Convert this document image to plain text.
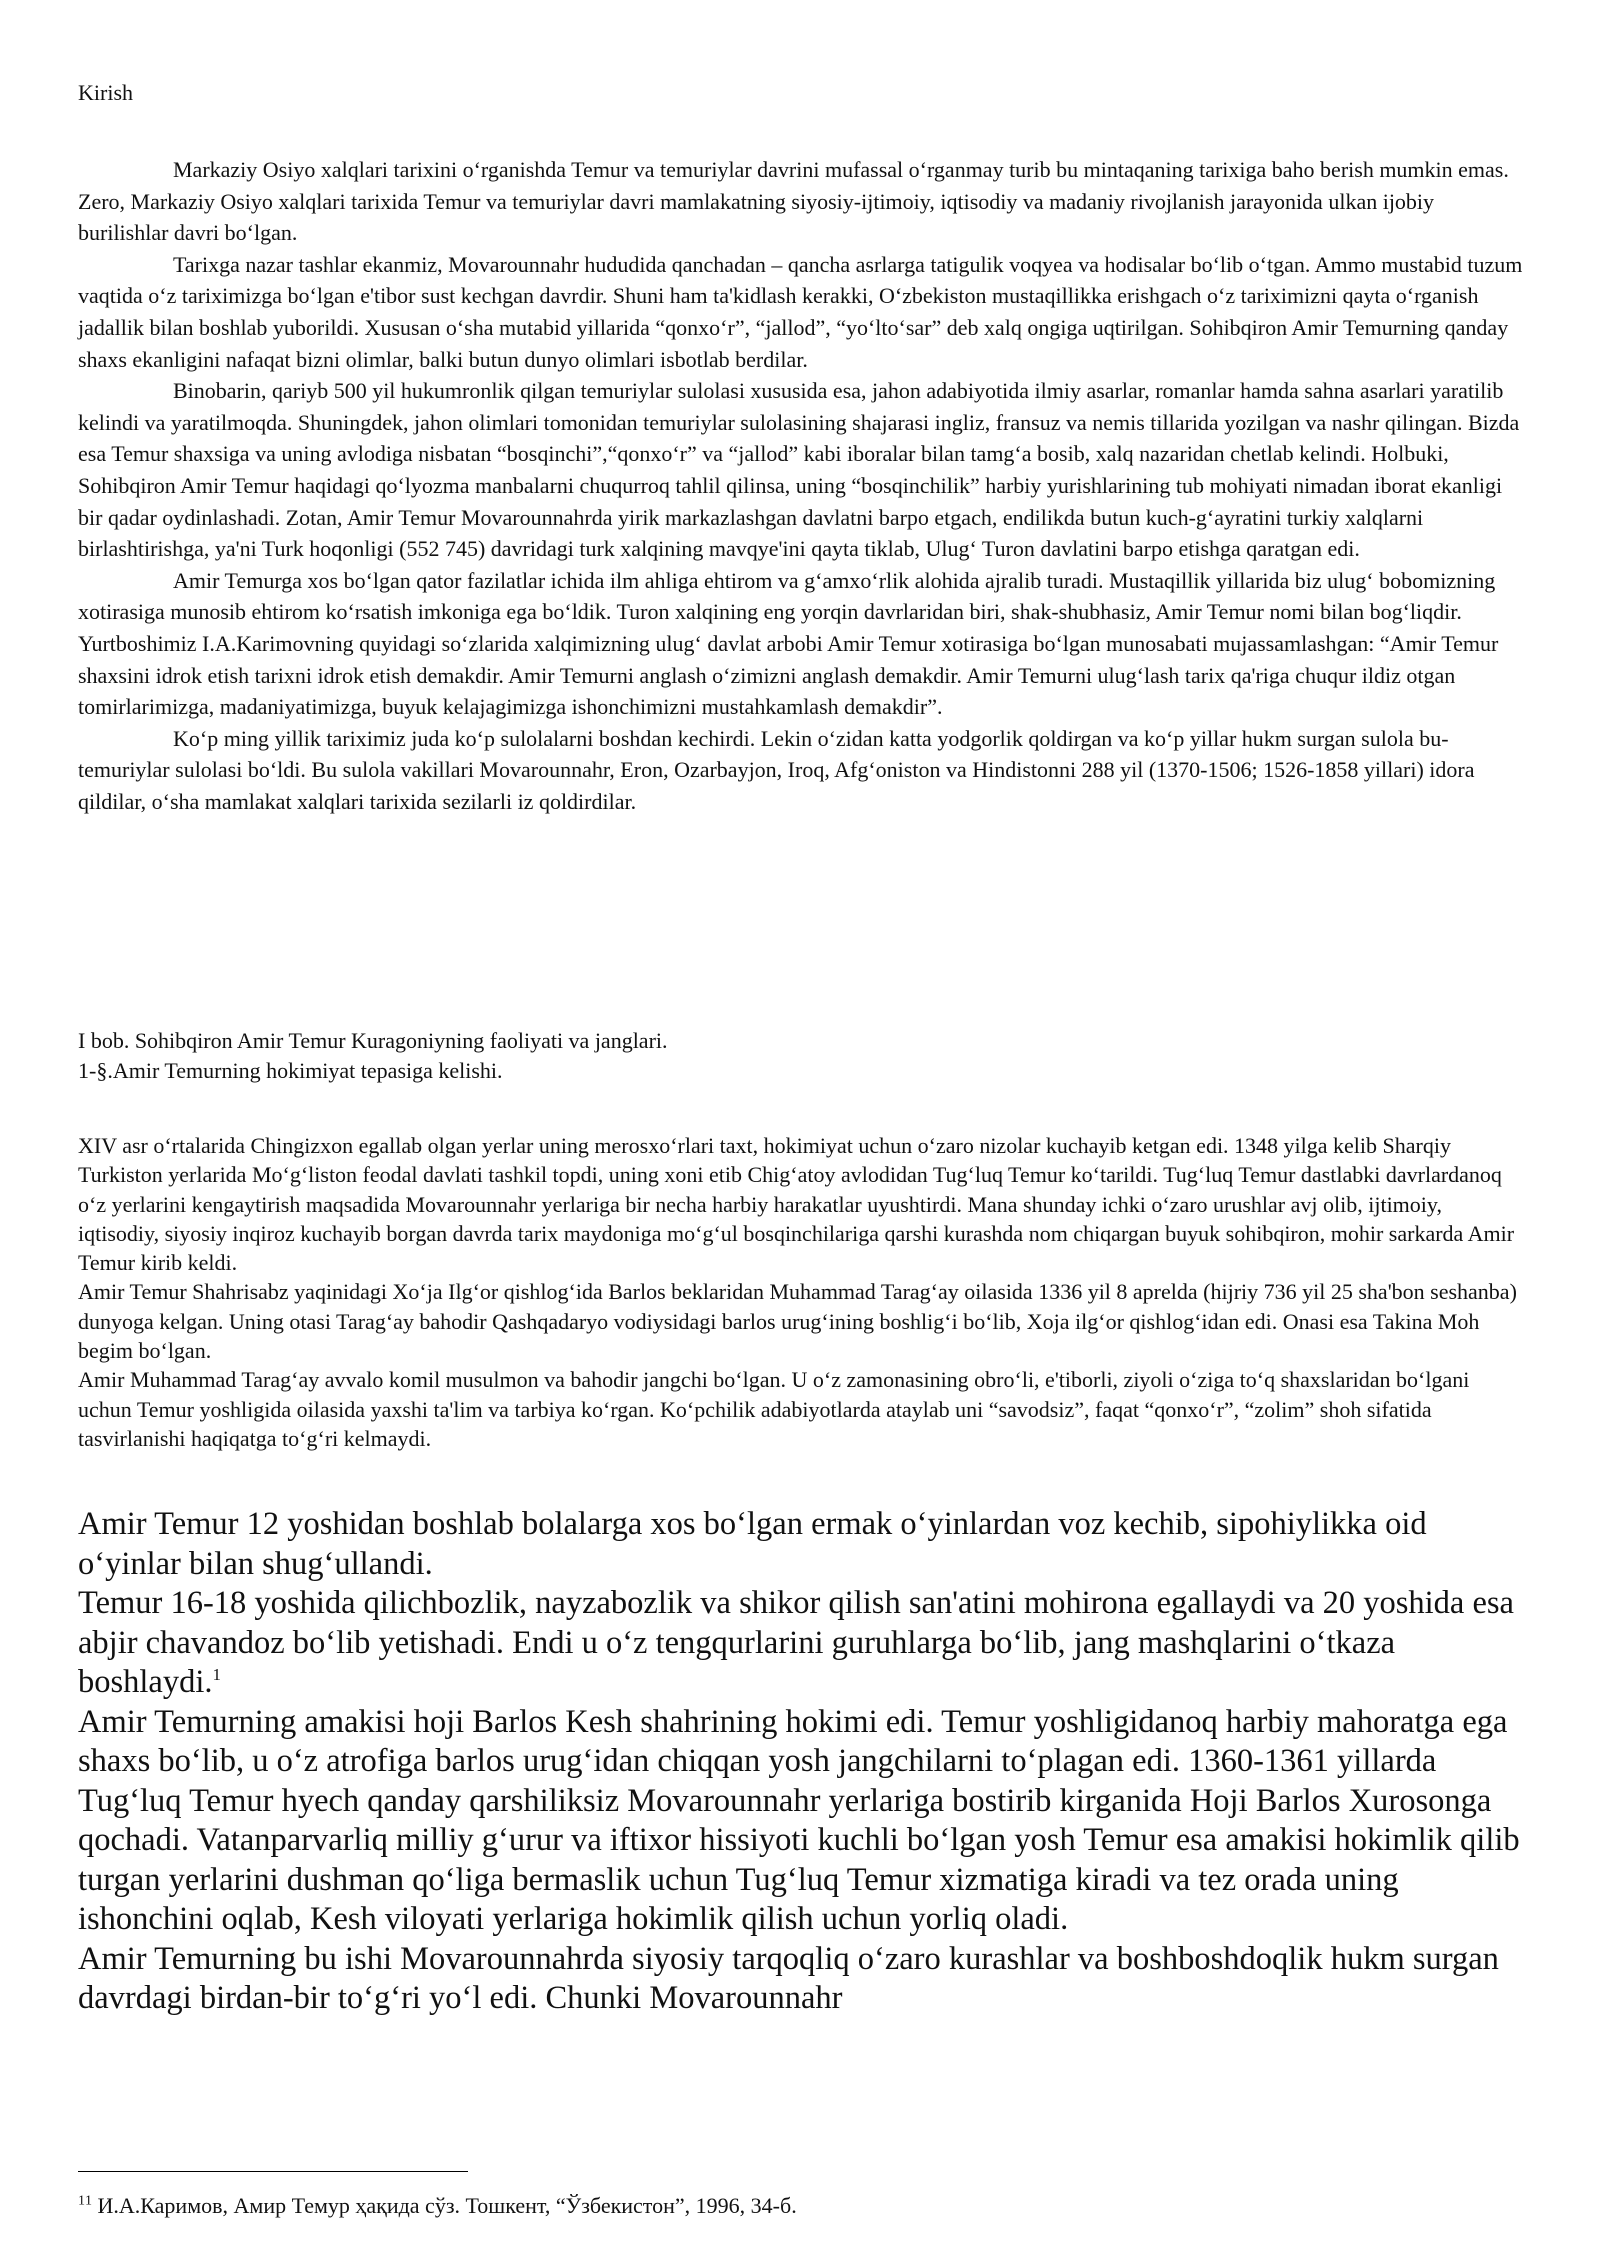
Kirish

Markaziy Osiyo xalqlari tarixini o‘rganishda Temur va temuriylar davrini mufassal o‘rganmay turib bu mintaqaning tarixiga baho berish mumkin emas. Zero, Markaziy Osiyo xalqlari tarixida Temur va temuriylar davri mamlakatning siyosiy-ijtimoiy, iqtisodiy va madaniy rivojlanish jarayonida ulkan ijobiy burilishlar davri bo‘lgan.

Tarixga nazar tashlar ekanmiz, Movarounnahr hududida qanchadan – qancha asrlarga tatigulik voqyea va hodisalar bo‘lib o‘tgan. Ammo mustabid tuzum vaqtida o‘z tariximizga bo‘lgan e'tibor sust kechgan davrdir. Shuni ham ta'kidlash kerakki, O‘zbekiston mustaqillikka erishgach o‘z tariximizni qayta o‘rganish jadallik bilan boshlab yuborildi. Xususan o‘sha mutabid yillarida “qonxo‘r”, “jallod”, “yo‘lto‘sar” deb xalq ongiga uqtirilgan. Sohibqiron Amir Temurning qanday shaxs ekanligini nafaqat bizni olimlar, balki butun dunyo olimlari isbotlab berdilar.

Binobarin, qariyb 500 yil hukumronlik qilgan temuriylar sulolasi xususida esa, jahon adabiyotida ilmiy asarlar, romanlar hamda sahna asarlari yaratilib kelindi va yaratilmoqda. Shuningdek, jahon olimlari tomonidan temuriylar sulolasining shajarasi ingliz, fransuz va nemis tillarida yozilgan va nashr qilingan. Bizda esa Temur shaxsiga va uning avlodiga nisbatan “bosqinchi”,“qonxo‘r” va “jallod” kabi iboralar bilan tamg‘a bosib, xalq nazaridan chetlab kelindi. Holbuki, Sohibqiron Amir Temur haqidagi qo‘lyozma manbalarni chuqurroq tahlil qilinsa, uning “bosqinchilik” harbiy yurishlarining tub mohiyati nimadan iborat ekanligi bir qadar oydinlashadi. Zotan, Amir Temur Movarounnahrda yirik markazlashgan davlatni barpo etgach, endilikda butun kuch-g‘ayratini turkiy xalqlarni birlashtirishga, ya'ni Turk hoqonligi (552 745) davridagi turk xalqining mavqye'ini qayta tiklab, Ulug‘ Turon davlatini barpo etishga qaratgan edi.

Amir Temurga xos bo‘lgan qator fazilatlar ichida ilm ahliga ehtirom va g‘amxo‘rlik alohida ajralib turadi. Mustaqillik yillarida biz ulug‘ bobomizning xotirasiga munosib ehtirom ko‘rsatish imkoniga ega bo‘ldik. Turon xalqining eng yorqin davrlaridan biri, shak-shubhasiz, Amir Temur nomi bilan bog‘liqdir. Yurtboshimiz I.A.Karimovning quyidagi so‘zlarida xalqimizning ulug‘ davlat arbobi Amir Temur xotirasiga bo‘lgan munosabati mujassamlashgan: “Amir Temur shaxsini idrok etish tarixni idrok etish demakdir. Amir Temurni anglash o‘zimizni anglash demakdir. Amir Temurni ulug‘lash tarix qa'riga chuqur ildiz otgan tomirlarimizga, madaniyatimizga, buyuk kelajagimizga ishonchimizni mustahkamlash demakdir”.

Ko‘p ming yillik tariximiz juda ko‘p sulolalarni boshdan kechirdi. Lekin o‘zidan katta yodgorlik qoldirgan va ko‘p yillar hukm surgan sulola bu- temuriylar sulolasi bo‘ldi. Bu sulola vakillari Movarounnahr, Eron, Ozarbayjon, Iroq, Afg‘oniston va Hindistonni 288 yil (1370-1506; 1526-1858 yillari) idora qildilar, o‘sha mamlakat xalqlari tarixida sezilarli iz qoldirdilar.

I bob. Sohibqiron Amir Temur Kuragoniyning faoliyati va janglari.
1-§.Amir Temurning hokimiyat tepasiga kelishi.

XIV asr o‘rtalarida Chingizxon egallab olgan yerlar uning merosxo‘rlari taxt, hokimiyat uchun o‘zaro nizolar kuchayib ketgan edi. 1348 yilga kelib Sharqiy Turkiston yerlarida Mo‘g‘liston feodal davlati tashkil topdi, uning xoni etib Chig‘atoy avlodidan Tug‘luq Temur ko‘tarildi. Tug‘luq Temur dastlabki davrlardanoq o‘z yerlarini kengaytirish maqsadida Movarounnahr yerlariga bir necha harbiy harakatlar uyushtirdi. Mana shunday ichki o‘zaro urushlar avj olib, ijtimoiy, iqtisodiy, siyosiy inqiroz kuchayib borgan davrda tarix maydoniga mo‘g‘ul bosqinchilariga qarshi kurashda nom chiqargan buyuk sohibqiron, mohir sarkarda Amir Temur kirib keldi.

Amir Temur Shahrisabz yaqinidagi Xo‘ja Ilg‘or qishlog‘ida Barlos beklaridan Muhammad Tarag‘ay oilasida 1336 yil 8 aprelda (hijriy 736 yil 25 sha'bon seshanba) dunyoga kelgan. Uning otasi Tarag‘ay bahodir Qashqadaryo vodiysidagi barlos urug‘ining boshlig‘i bo‘lib, Xoja ilg‘or qishlog‘idan edi. Onasi esa Takina Moh begim bo‘lgan.

Amir Muhammad Tarag‘ay avvalo komil musulmon va bahodir jangchi bo‘lgan. U o‘z zamonasining obro‘li, e'tiborli, ziyoli o‘ziga to‘q shaxslaridan bo‘lgani uchun Temur yoshligida oilasida yaxshi ta'lim va tarbiya ko‘rgan. Ko‘pchilik adabiyotlarda ataylab uni “savodsiz”, faqat “qonxo‘r”, “zolim” shoh sifatida tasvirlanishi haqiqatga to‘g‘ri kelmaydi.

Amir Temur 12 yoshidan boshlab bolalarga xos bo‘lgan ermak o‘yinlardan voz kechib, sipohiylikka oid o‘yinlar bilan shug‘ullandi.

Temur 16-18 yoshida qilichbozlik, nayzabozlik va shikor qilish san'atini mohirona egallaydi va 20 yoshida esa abjir chavandoz bo‘lib yetishadi. Endi u o‘z tengqurlarini guruhlarga bo‘lib, jang mashqlarini o‘tkaza boshlaydi.$^1$

Amir Temurning amakisi hoji Barlos Kesh shahrining hokimi edi. Temur yoshligidanoq harbiy mahoratga ega shaxs bo‘lib, u o‘z atrofiga barlos urug‘idan chiqqan yosh jangchilarni to‘plagan edi. 1360-1361 yillarda Tug‘luq Temur hyech qanday qarshiliksiz Movarounnahr yerlariga bostirib kirganida Hoji Barlos Xurosonga qochadi. Vatanparvarliq milliy g‘urur va iftixor hissiyoti kuchli bo‘lgan yosh Temur esa amakisi hokimlik qilib turgan yerlarini dushman qo‘liga bermaslik uchun Tug‘luq Temur xizmatiga kiradi va tez orada uning ishonchini oqlab, Kesh viloyati yerlariga hokimlik qilish uchun yorliq oladi.

Amir Temurning bu ishi Movarounnahrda siyosiy tarqoqliq o‘zaro kurashlar va boshboshdoqlik hukm surgan davrdagi birdan-bir to‘g‘ri yo‘l edi. Chunki Movarounnahr

$^{11}$ И.А.Каримов, Амир Темур ҳақида сўз. Тошкент, “Ўзбекистон”, 1996, 34-б.
